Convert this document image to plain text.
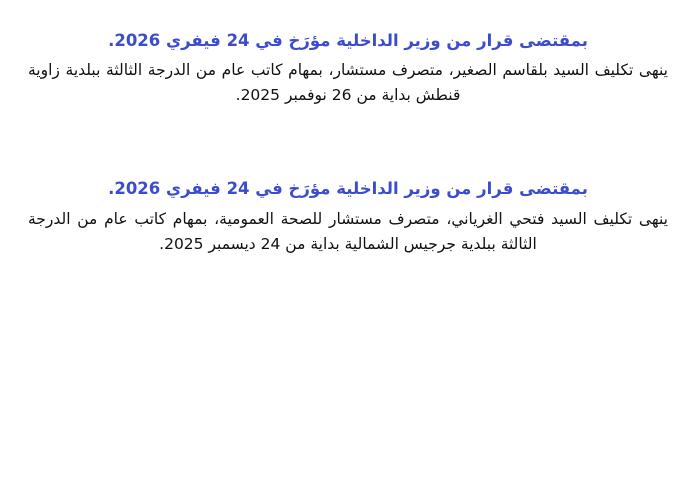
بمقتضى قرار من وزير الداخلية مؤرَخ في 24 فيفري 2026.

ينهى تكليف السيد بلقاسم الصغير، متصرف مستشار، بمهام كاتب عام من الدرجة الثالثة ببلدية زاوية قنطش بداية من 26 نوفمبر 2025.

بمقتضى قرار من وزير الداخلية مؤرَخ في 24 فيفري 2026.

ينهى تكليف السيد فتحي الغرياني، متصرف مستشار للصحة العمومية، بمهام كاتب عام من الدرجة الثالثة ببلدية جرجيس الشمالية بداية من 24 ديسمبر 2025.
